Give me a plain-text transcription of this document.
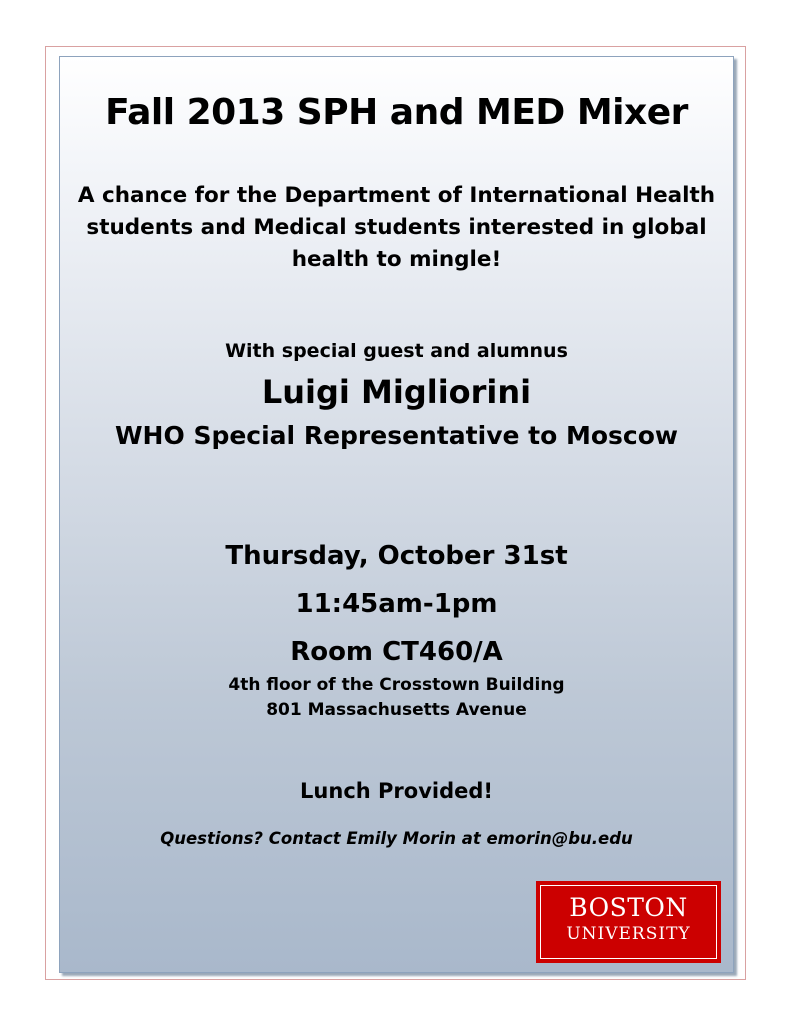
Fall 2013 SPH and MED Mixer
A chance for the Department of International Health
students and Medical students interested in global
health to mingle!
With special guest and alumnus
Luigi Migliorini
WHO Special Representative to Moscow
Thursday, October 31st
11:45am-1pm
Room CT460/A
4th floor of the Crosstown Building
801 Massachusetts Avenue
Lunch Provided!
Questions? Contact Emily Morin at emorin@bu.edu
BOSTON
UNIVERSITY
